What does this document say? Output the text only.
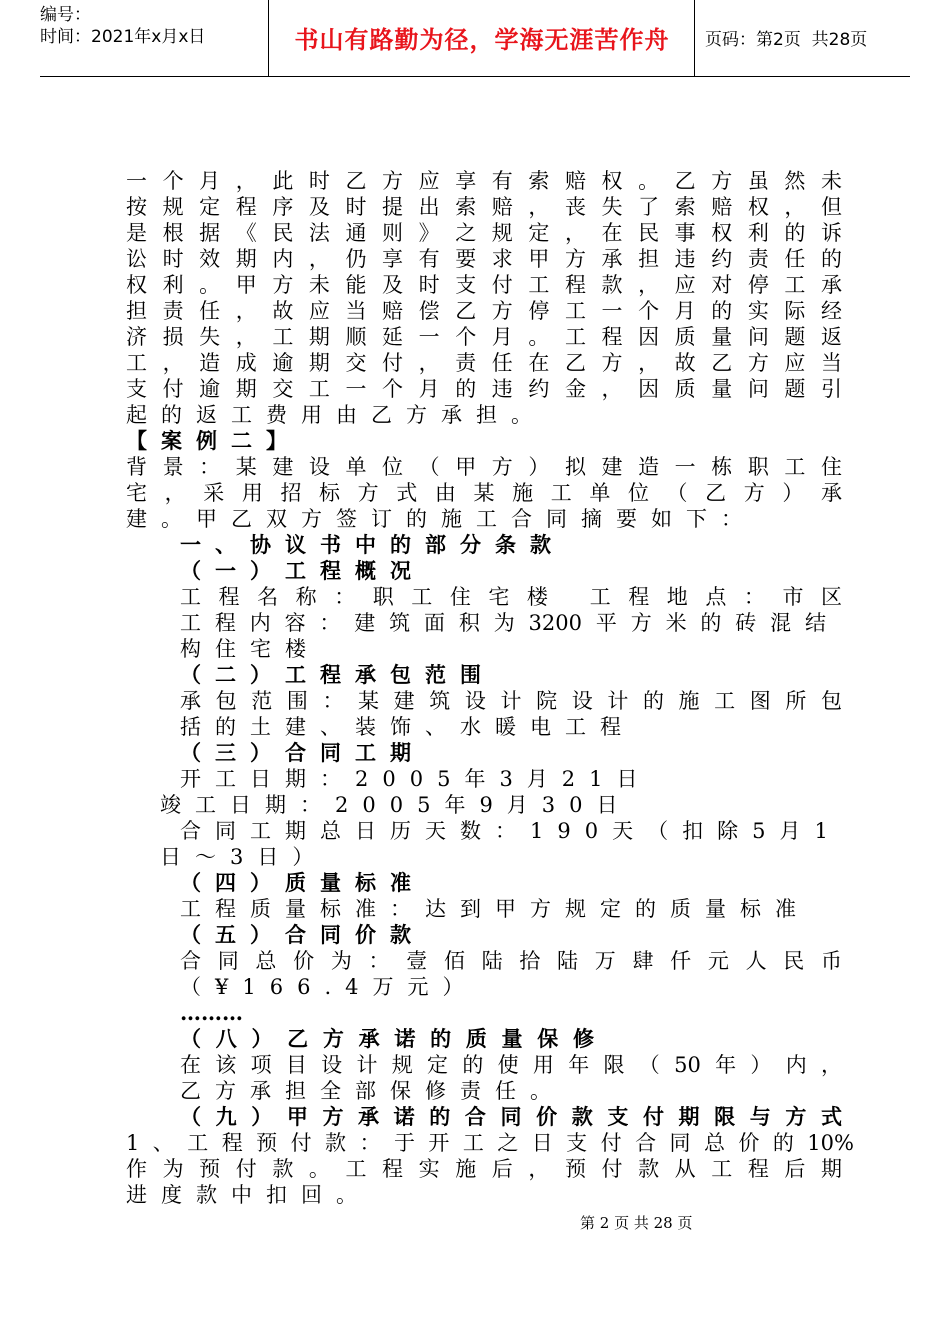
编号：
时间：2021年x月x日	书山有路勤为径，学海无涯苦作舟	页码：第2页  共28页
一个月，此时乙方应享有索赔权。乙方虽然未
按规定程序及时提出索赔，丧失了索赔权，但
是根据《民法通则》之规定，在民事权利的诉
讼时效期内，仍享有要求甲方承担违约责任的
权利。甲方未能及时支付工程款，应对停工承
担责任，故应当赔偿乙方停工一个月的实际经
济损失，工期顺延一个月。工程因质量问题返
工，造成逾期交付，责任在乙方，故乙方应当
支付逾期交工一个月的违约金，因质量问题引
起的返工费用由乙方承担。
【案例二】
背景：某建设单位（甲方）拟建造一栋职工住
宅，采用招标方式由某施工单位（乙方）承
建。甲乙双方签订的施工合同摘要如下：
一、协议书中的部分条款
（一）工程概况
工程名称：职工住宅楼 工程地点：市区
工程内容：建筑面积为3200平方米的砖混结
构住宅楼
（二）工程承包范围
承包范围：某建筑设计院设计的施工图所包
括的土建、装饰、水暖电工程
（三）合同工期
开工日期：2005年3月21日
竣工日期：2005年9月30日
合同工期总日历天数：190天（扣除5月1
日～3日）
（四）质量标准
工程质量标准：达到甲方规定的质量标准
（五）合同价款
合同总价为：壹佰陆拾陆万肆仟元人民币
（¥166.4万元）
………
（八）乙方承诺的质量保修
在该项目设计规定的使用年限（50年）内，
乙方承担全部保修责任。
（九）甲方承诺的合同价款支付期限与方式
1、工程预付款：于开工之日支付合同总价的10%
作为预付款。工程实施后，预付款从工程后期
进度款中扣回。
第 2 页 共 28 页
